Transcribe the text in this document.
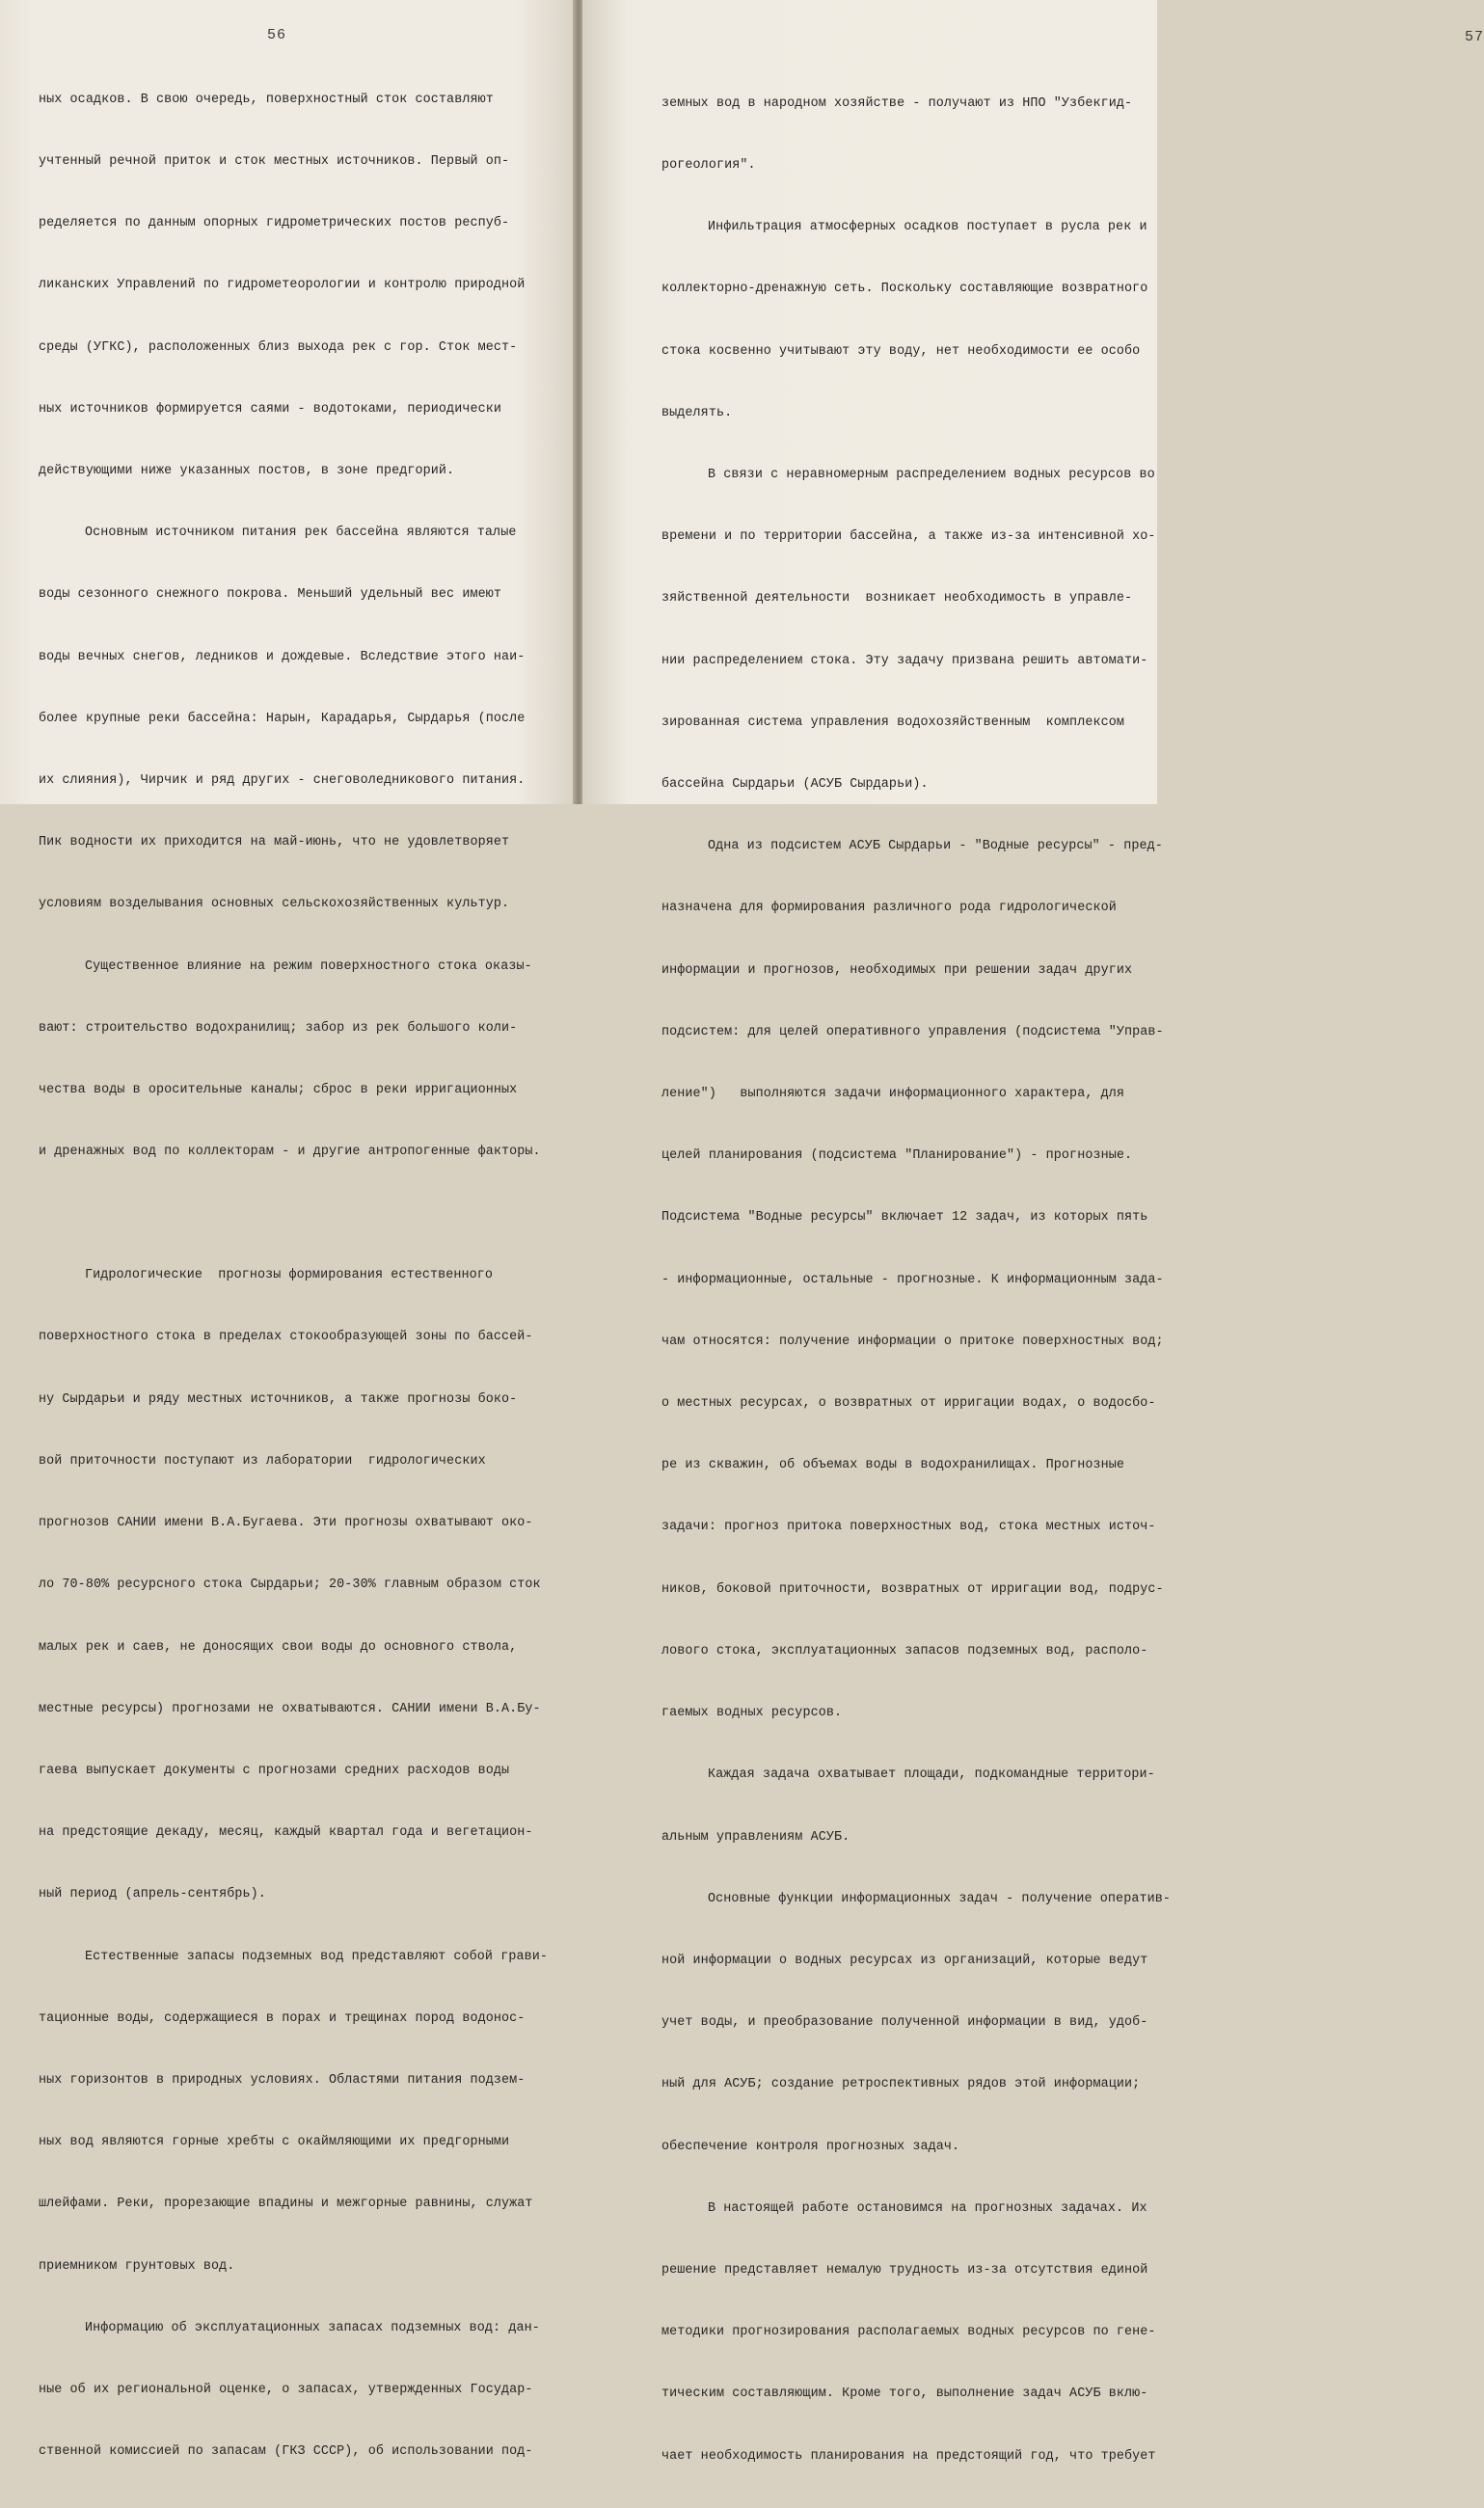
56

ных осадков. В свою очередь, поверхностный сток составляют

учтенный речной приток и сток местных источников. Первый оп-

ределяется по данным опорных гидрометрических постов респуб-

ликанских Управлений по гидрометеорологии и контролю природной

среды (УГКС), расположенных близ выхода рек с гор. Сток мест-

ных источников формируется саями - водотоками, периодически

действующими ниже указанных постов, в зоне предгорий.

Основным источником питания рек бассейна являются талые

воды сезонного снежного покрова. Меньший удельный вес имеют

воды вечных снегов, ледников и дождевые. Вследствие этого наи-

более крупные реки бассейна: Нарын, Карадарья, Сырдарья (после

их слияния), Чирчик и ряд других - снеговоледникового питания.

Пик водности их приходится на май-июнь, что не удовлетворяет

условиям возделывания основных сельскохозяйственных культур.

Существенное влияние на режим поверхностного стока оказы-

вают: строительство водохранилищ; забор из рек большого коли-

чества воды в оросительные каналы; сброс в реки ирригационных

и дренажных вод по коллекторам - и другие антропогенные факторы.

Гидрологические  прогнозы формирования естественного

поверхностного стока в пределах стокообразующей зоны по бассей-

ну Сырдарьи и ряду местных источников, а также прогнозы боко-

вой приточности поступают из лаборатории  гидрологических

прогнозов САНИИ имени В.А.Бугаева. Эти прогнозы охватывают око-

ло 70-80% ресурсного стока Сырдарьи; 20-30% главным образом сток

малых рек и саев, не доносящих свои воды до основного ствола,

местные ресурсы) прогнозами не охватываются. САНИИ имени В.А.Бу-

гаева выпускает документы с прогнозами средних расходов воды

на предстоящие декаду, месяц, каждый квартал года и вегетацион-

ный период (апрель-сентябрь).

Естественные запасы подземных вод представляют собой грави-

тационные воды, содержащиеся в порах и трещинах пород водонос-

ных горизонтов в природных условиях. Областями питания подзем-

ных вод являются горные хребты с окаймляющими их предгорными

шлейфами. Реки, прорезающие впадины и межгорные равнины, служат

приемником грунтовых вод.

Информацию об эксплуатационных запасах подземных вод: дан-

ные об их региональной оценке, о запасах, утвержденных Государ-

ственной комиссией по запасам (ГКЗ СССР), об использовании под-

57

земных вод в народном хозяйстве - получают из НПО "Узбекгид-

рогеология".

Инфильтрация атмосферных осадков поступает в русла рек и

коллекторно-дренажную сеть. Поскольку составляющие возвратного

стока косвенно учитывают эту воду, нет необходимости ее особо

выделять.

В связи с неравномерным распределением водных ресурсов во

времени и по территории бассейна, а также из-за интенсивной хо-

зяйственной деятельности  возникает необходимость в управле-

нии распределением стока. Эту задачу призвана решить автомати-

зированная система управления водохозяйственным  комплексом

бассейна Сырдарьи (АСУБ Сырдарьи).

Одна из подсистем АСУБ Сырдарьи - "Водные ресурсы" - пред-

назначена для формирования различного рода гидрологической

информации и прогнозов, необходимых при решении задач других

подсистем: для целей оперативного управления (подсистема "Управ-

ление")   выполняются задачи информационного характера, для

целей планирования (подсистема "Планирование") - прогнозные.

Подсистема "Водные ресурсы" включает 12 задач, из которых пять

- информационные, остальные - прогнозные. К информационным зада-

чам относятся: получение информации о притоке поверхностных вод;

о местных ресурсах, о возвратных от ирригации водах, о водосбо-

ре из скважин, об объемах воды в водохранилищах. Прогнозные

задачи: прогноз притока поверхностных вод, стока местных источ-

ников, боковой приточности, возвратных от ирригации вод, подрус-

лового стока, эксплуатационных запасов подземных вод, располо-

гаемых водных ресурсов.

Каждая задача охватывает площади, подкомандные территори-

альным управлениям АСУБ.

Основные функции информационных задач - получение оператив-

ной информации о водных ресурсах из организаций, которые ведут

учет воды, и преобразование полученной информации в вид, удоб-

ный для АСУБ; создание ретроспективных рядов этой информации;

обеспечение контроля прогнозных задач.

В настоящей работе остановимся на прогнозных задачах. Их

решение представляет немалую трудность из-за отсутствия единой

методики прогнозирования располагаемых водных ресурсов по гене-

тическим составляющим. Кроме того, выполнение задач АСУБ вклю-

чает необходимость планирования на предстоящий год, что требует
